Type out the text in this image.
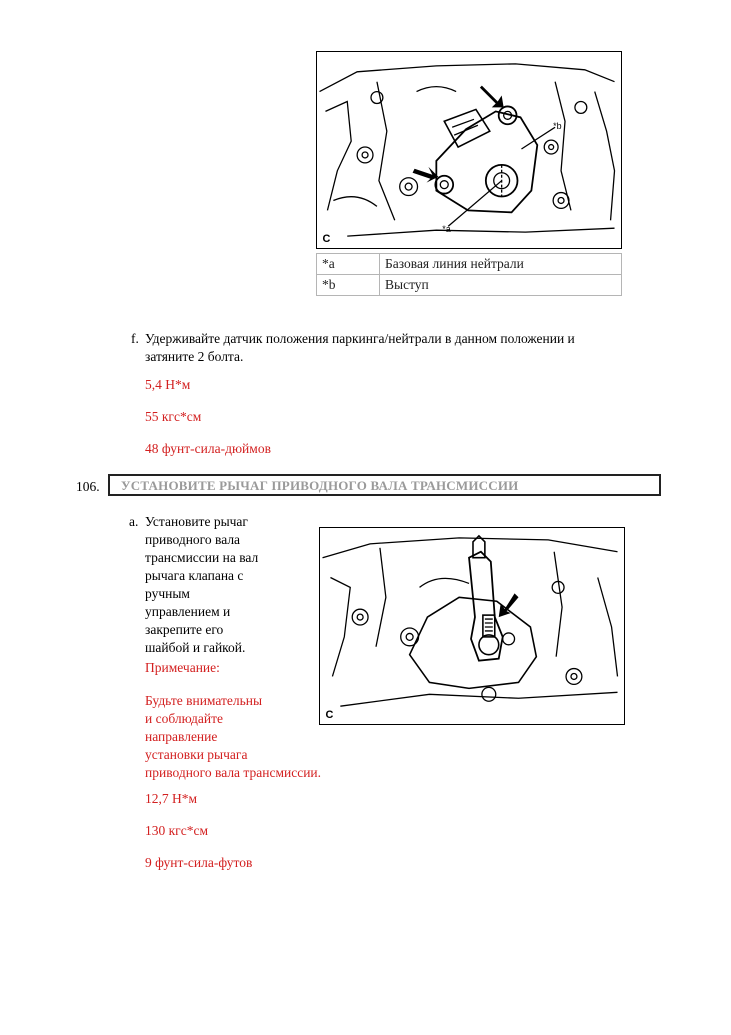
*b
*a
C
*a	Базовая линия нейтрали
*b	Выступ
f. Удерживайте датчик положения паркинга/нейтрали в данном положении и
затяните 2 болта.
5,4 Н*м
55 кгс*см
48 фунт-сила-дюймов
106.	УСТАНОВИТЕ РЫЧАГ ПРИВОДНОГО ВАЛА ТРАНСМИССИИ
a. Установите рычаг
приводного вала
трансмиссии на вал
рычага клапана с
ручным
управлением и
закрепите его
шайбой и гайкой.
Примечание:
Будьте внимательны
и соблюдайте
направление
установки рычага
приводного вала трансмиссии.
12,7 Н*м
130 кгс*см
9 фунт-сила-футов
C
